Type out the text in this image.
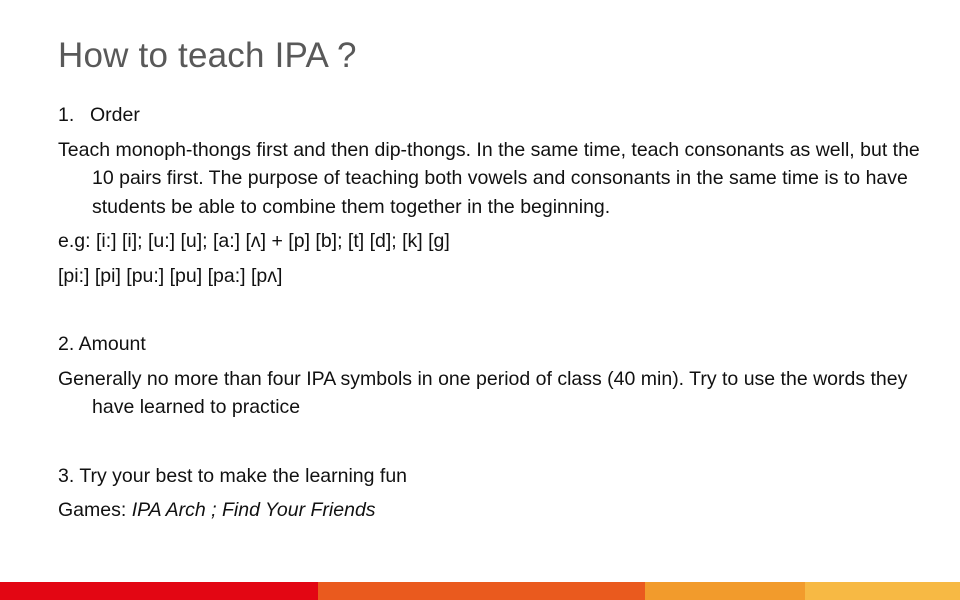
How to teach IPA ?

1. Order

Teach monoph-thongs first and then dip-thongs. In the same time, teach consonants as well, but the 10 pairs first. The purpose of teaching both vowels and consonants in the same time is to have students be able to combine them together in the beginning.

e.g: [i:] [i]; [u:] [u]; [a:] [ʌ] + [p] [b]; [t] [d]; [k] [g]

[pi:] [pi] [pu:] [pu] [pa:] [pʌ]

2. Amount

Generally no more than four IPA symbols in one period of class (40 min). Try to use the words they have learned to practice

3. Try your best to make the learning fun

Games: IPA Arch ; Find Your Friends
